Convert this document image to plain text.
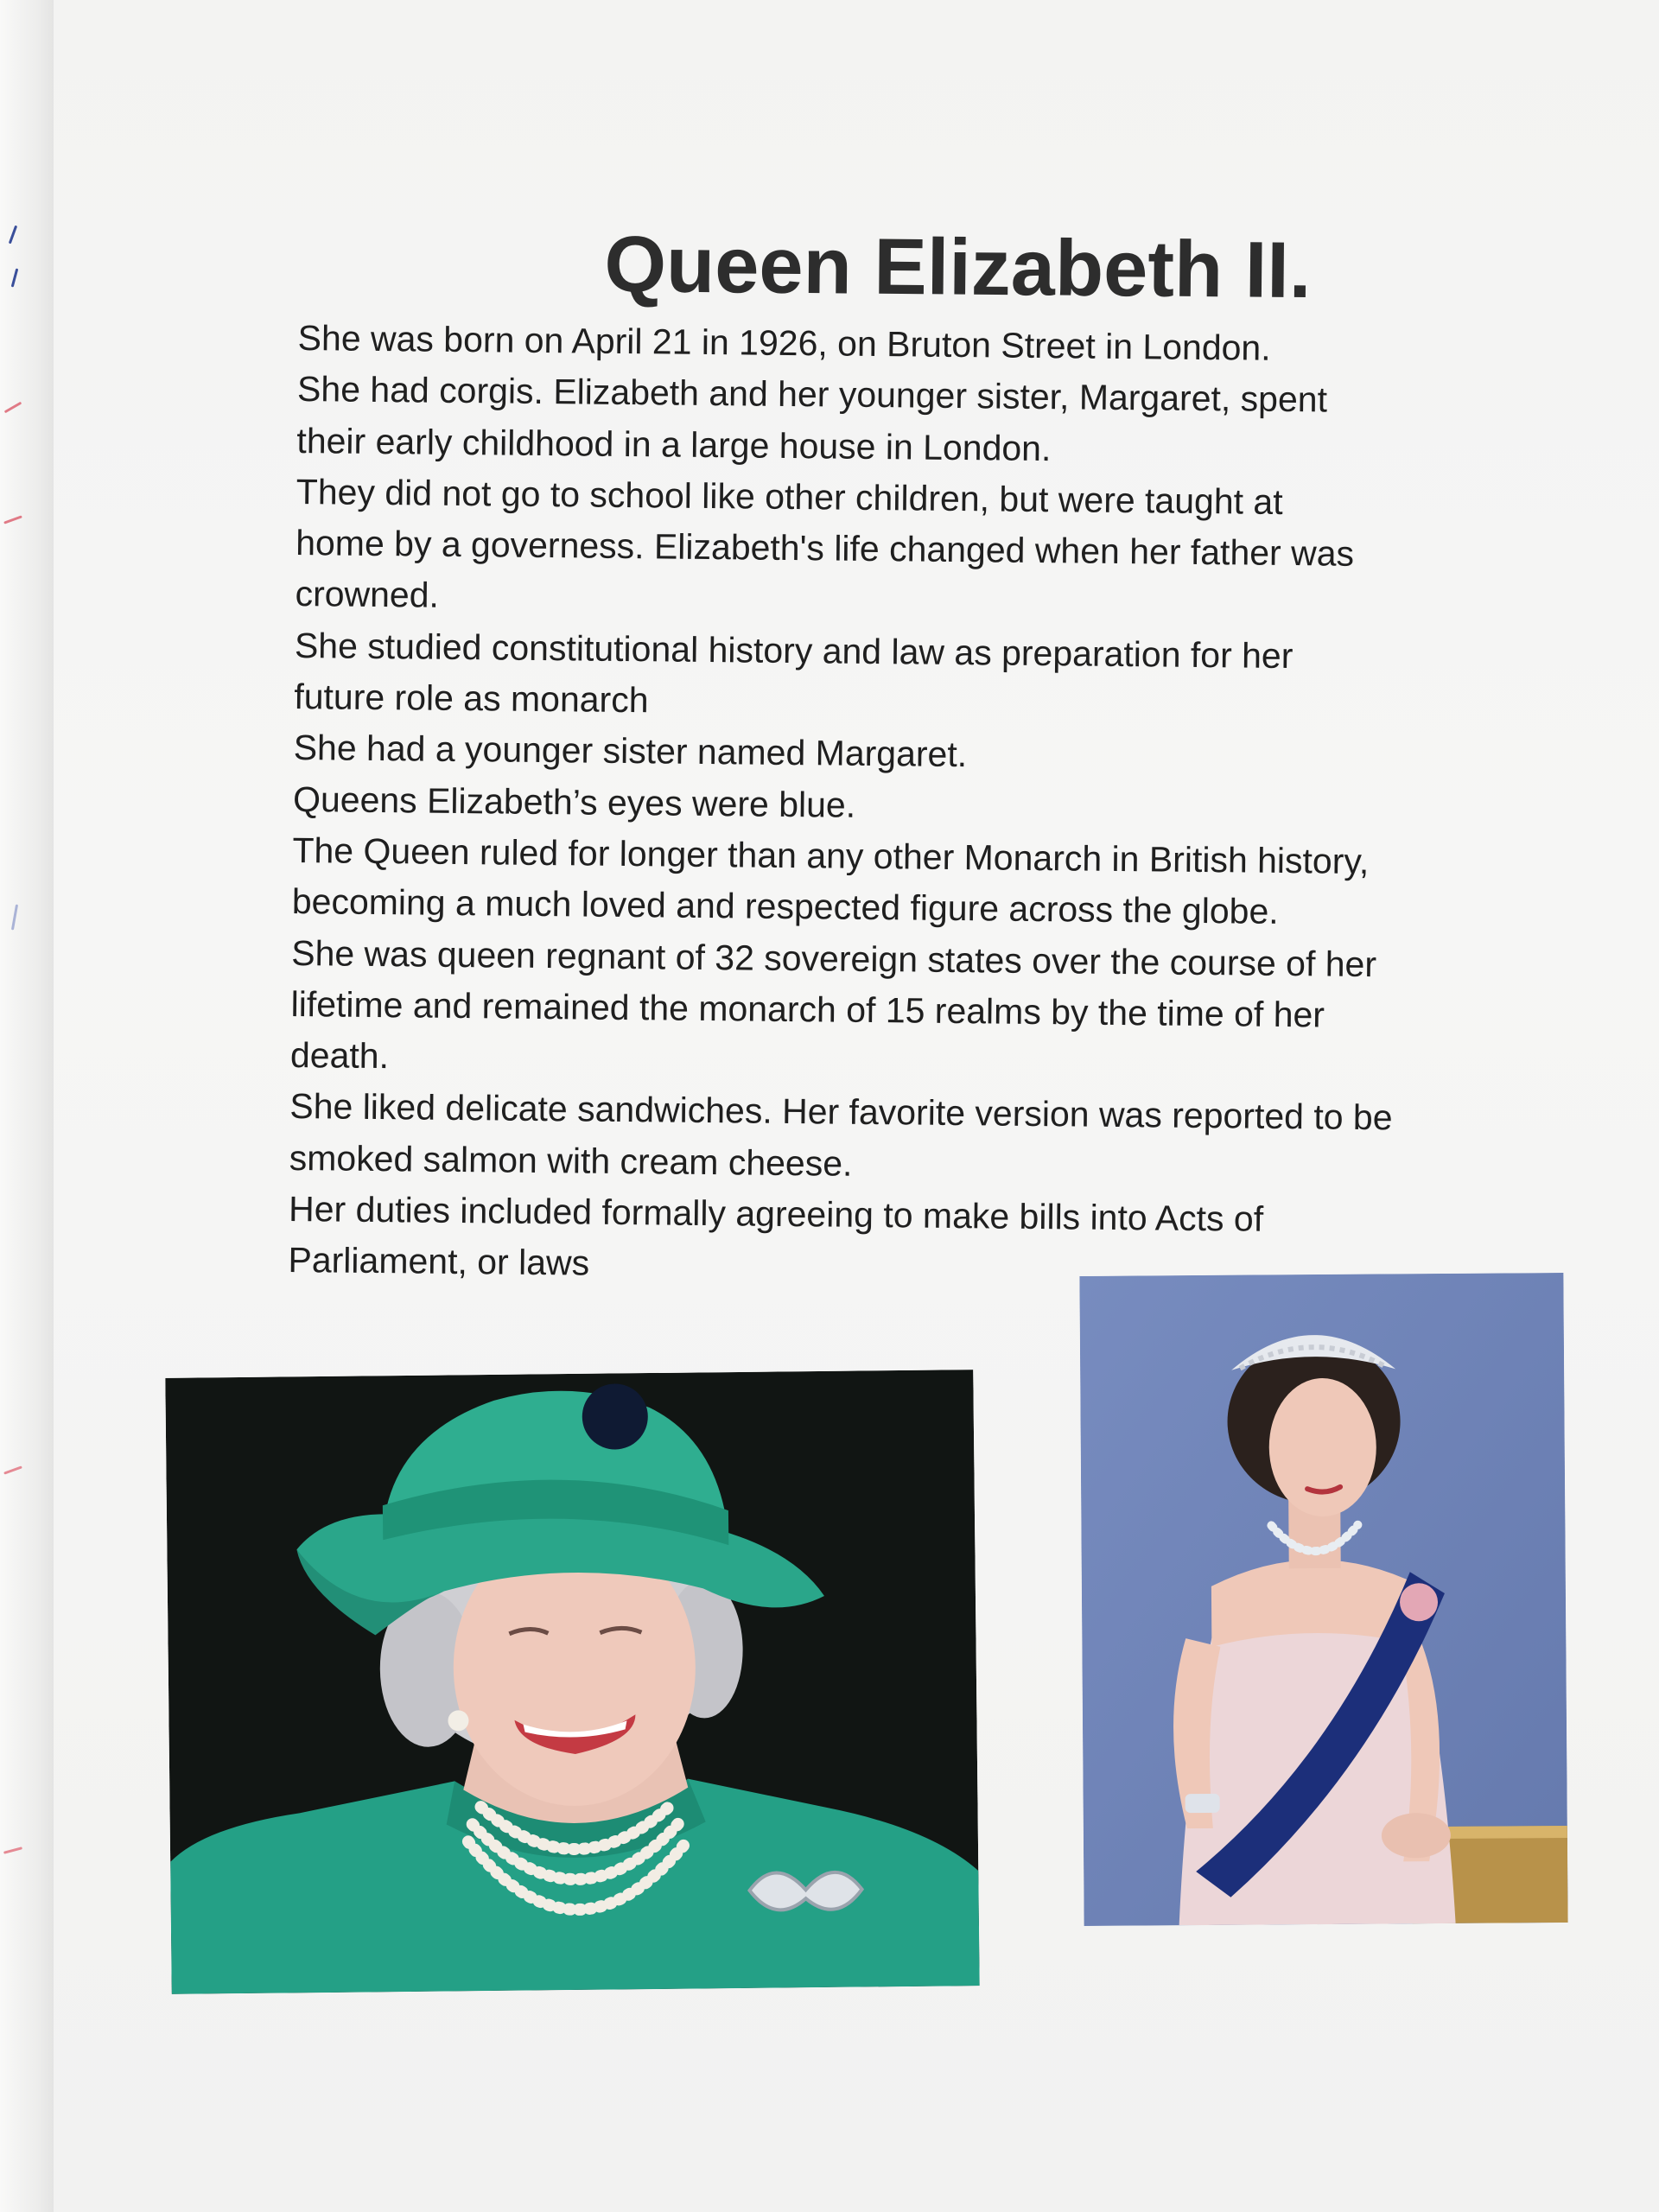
Queen Elizabeth II.
She was born on April 21 in 1926, on Bruton Street in London.
She had corgis. Elizabeth and her younger sister, Margaret, spent
their early childhood in a large house in London.
They did not go to school like other children, but were taught at
home by a governess. Elizabeth's life changed when her father was
crowned.
She studied constitutional history and law as preparation for her
future role as monarch
She had a younger sister named Margaret.
Queens Elizabeth’s eyes were blue.
The Queen ruled for longer than any other Monarch in British history,
becoming a much loved and respected figure across the globe.
She was queen regnant of 32 sovereign states over the course of her
lifetime and remained the monarch of 15 realms by the time of her
death.
She liked delicate sandwiches. Her favorite version was reported to be
smoked salmon with cream cheese.
Her duties included formally agreeing to make bills into Acts of
Parliament, or laws
